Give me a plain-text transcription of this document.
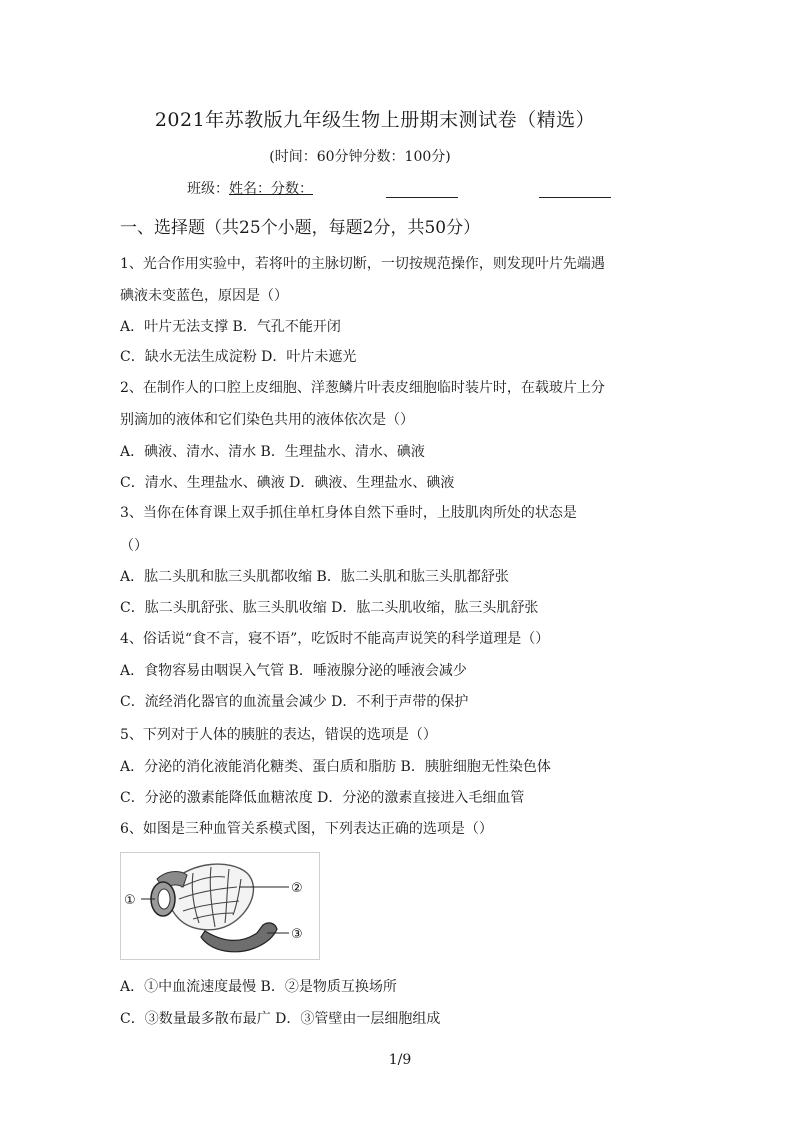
2021年苏教版九年级生物上册期末测试卷（精选）
(时间：60分钟分数：100分)
班级：姓名：分数：
一、选择题（共25个小题，每题2分，共50分）
1、光合作用实验中，若将叶的主脉切断，一切按规范操作，则发现叶片先端遇
碘液未变蓝色，原因是（）
A．叶片无法支撑 B．气孔不能开闭
C．缺水无法生成淀粉 D．叶片未遮光
2、在制作人的口腔上皮细胞、洋葱鳞片叶表皮细胞临时装片时，在载玻片上分
别滴加的液体和它们染色共用的液体依次是（）
A．碘液、清水、清水 B．生理盐水、清水、碘液
C．清水、生理盐水、碘液 D．碘液、生理盐水、碘液
3、当你在体育课上双手抓住单杠身体自然下垂时，上肢肌肉所处的状态是
（）
A．肱二头肌和肱三头肌都收缩 B．肱二头肌和肱三头肌都舒张
C．肱二头肌舒张、肱三头肌收缩 D．肱二头肌收缩，肱三头肌舒张
4、俗话说“食不言，寝不语”，吃饭时不能高声说笑的科学道理是（）
A．食物容易由咽误入气管 B．唾液腺分泌的唾液会减少
C．流经消化器官的血流量会减少 D．不利于声带的保护
5、下列对于人体的胰脏的表达，错误的选项是（）
A．分泌的消化液能消化糖类、蛋白质和脂肪 B．胰脏细胞无性染色体
C．分泌的激素能降低血糖浓度 D．分泌的激素直接进入毛细血管
6、如图是三种血管关系模式图，下列表达正确的选项是（）
①
②
③
A．①中血流速度最慢 B．②是物质互换场所
C．③数量最多散布最广 D．③管壁由一层细胞组成
1/9
